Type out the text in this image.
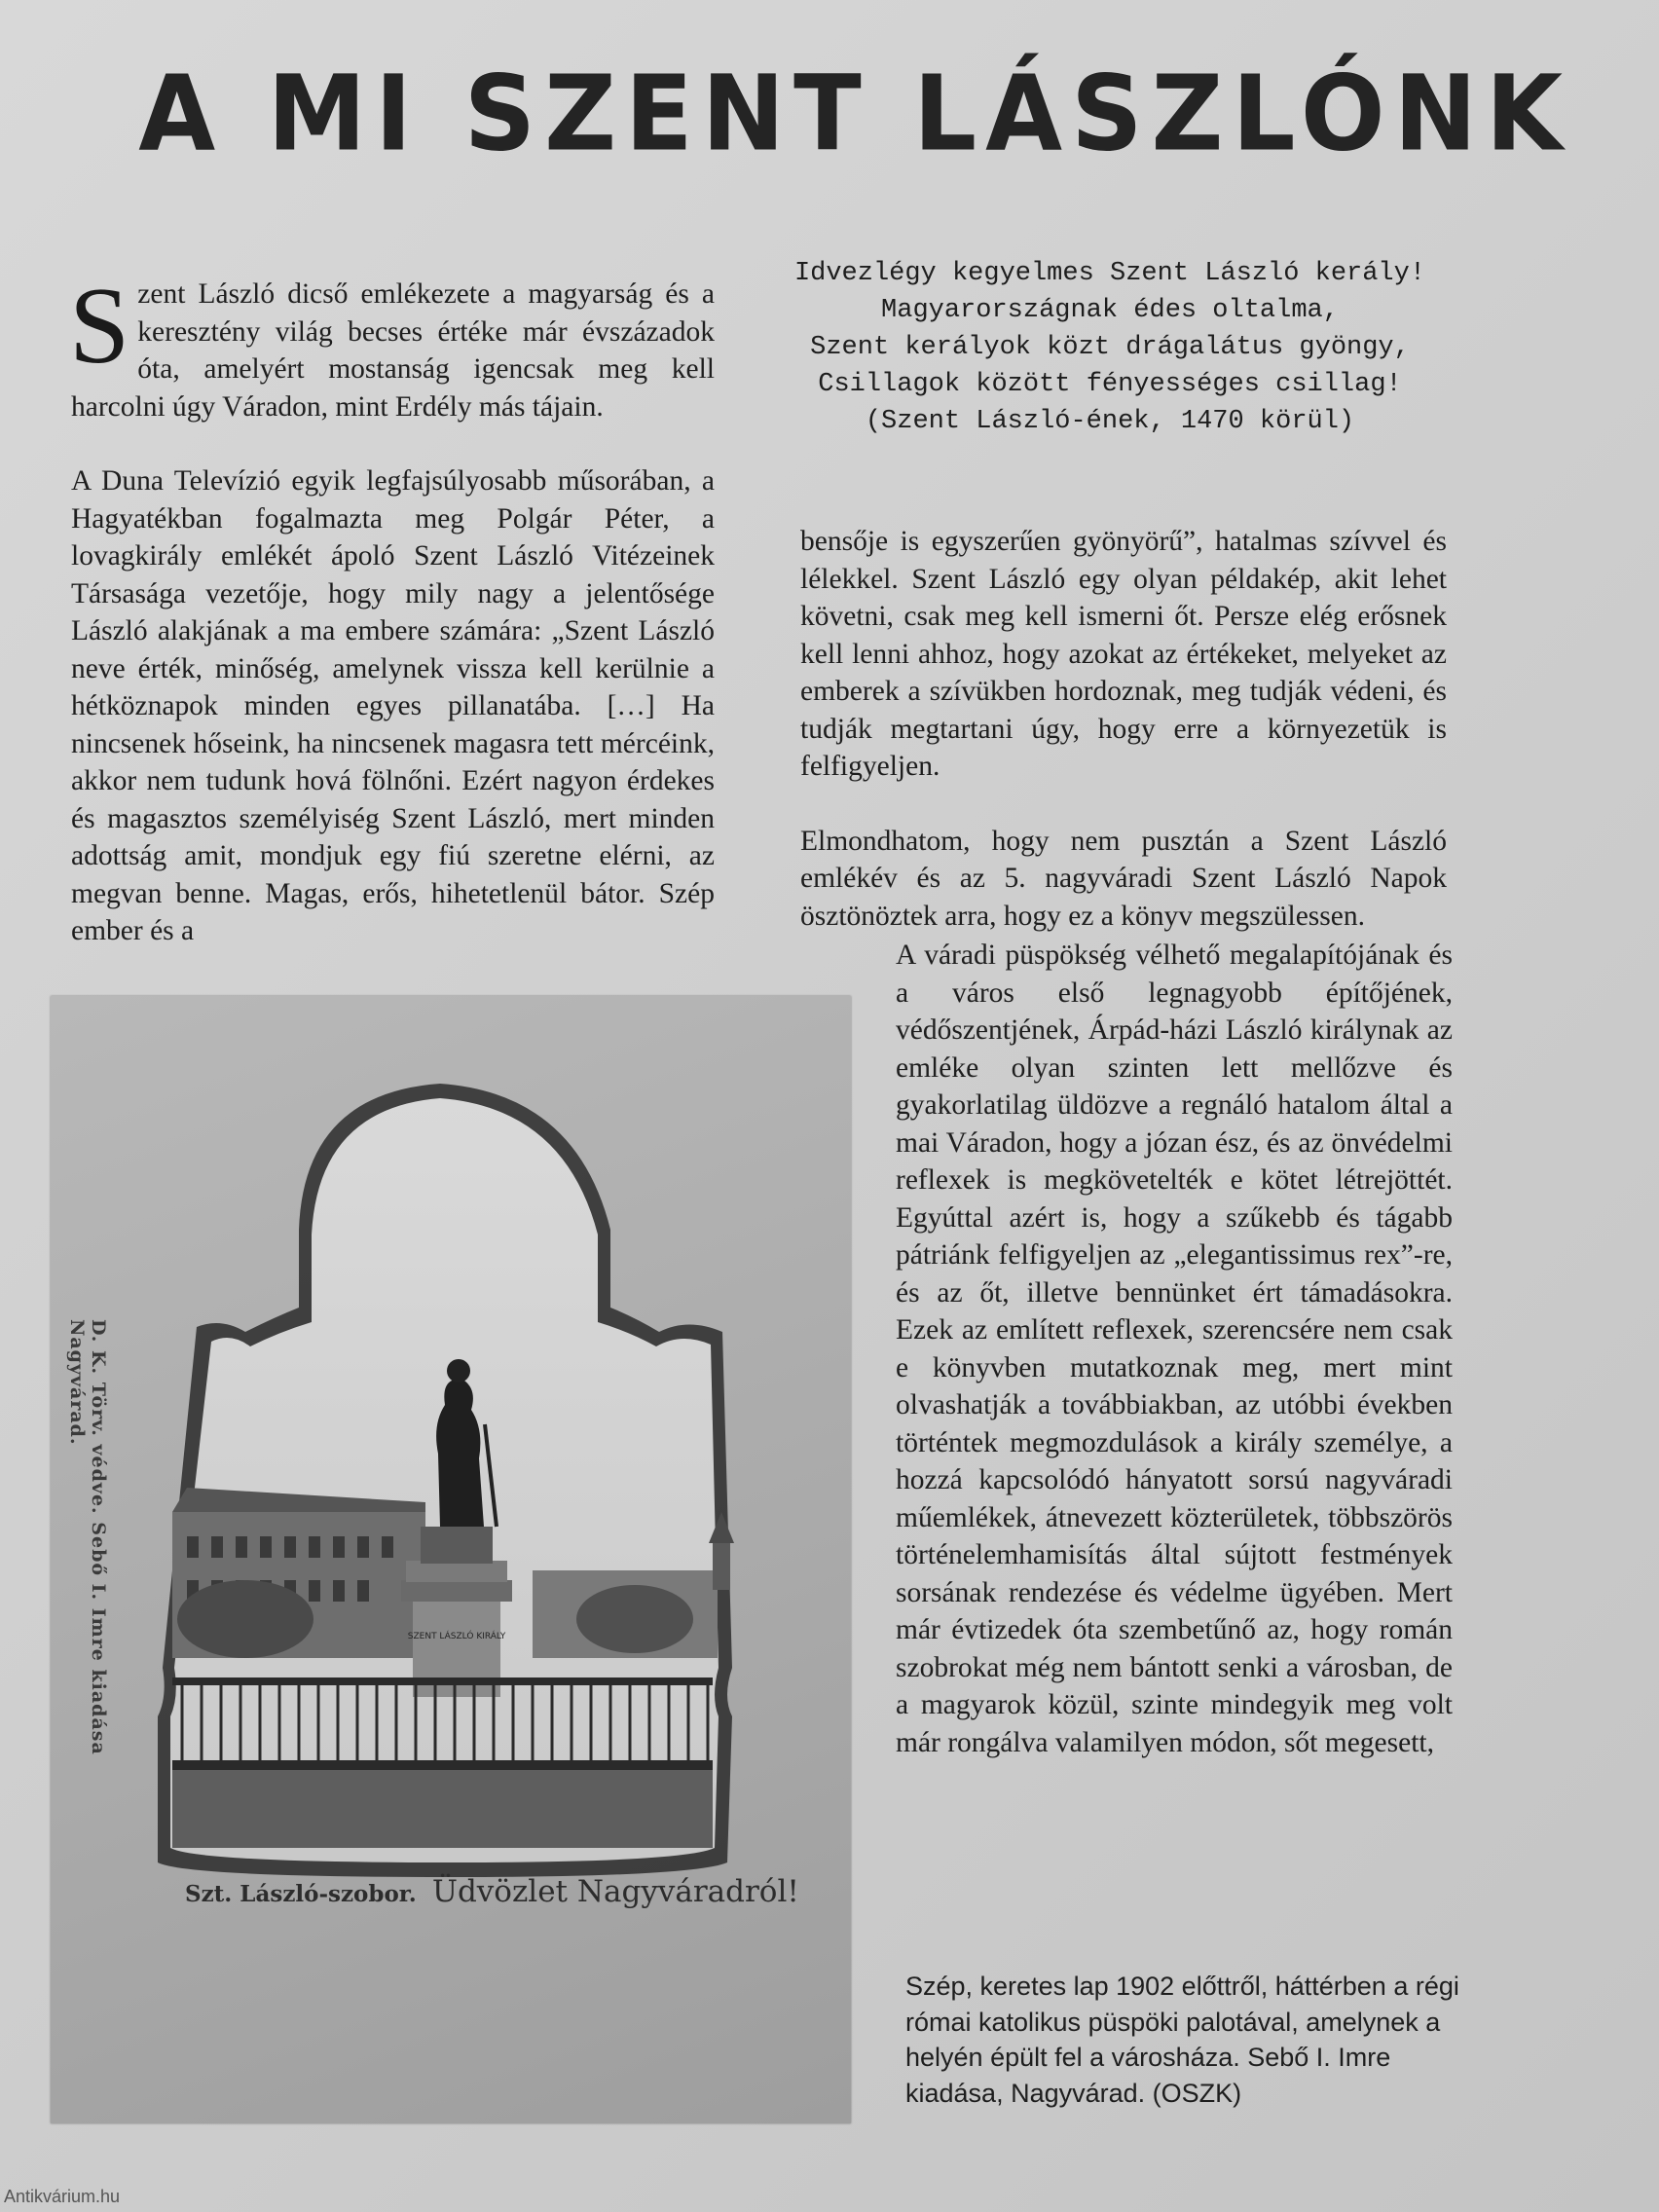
A MI SZENT LÁSZLÓNK

Szent László dicső emlékezete a magyarság és a keresztény világ becses értéke már évszázadok óta, amelyért mostanság igencsak meg kell harcolni úgy Váradon, mint Erdély más tájain.

A Duna Televízió egyik legfajsúlyosabb műsorában, a Hagyatékban fogalmazta meg Polgár Péter, a lovagkirály emlékét ápoló Szent László Vitézeinek Társasága vezetője, hogy mily nagy a jelentősége László alakjának a ma embere számára: „Szent László neve érték, minőség, amelynek vissza kell kerülnie a hétköznapok minden egyes pillanatába. […] Ha nincsenek hőseink, ha nincsenek magasra tett mércéink, akkor nem tudunk hová fölnőni. Ezért nagyon érdekes és magasztos személyiség Szent László, mert minden adottság amit, mondjuk egy fiú szeretne elérni, az megvan benne. Magas, erős, hihetetlenül bátor. Szép ember és a

Idvezlégy kegyelmes Szent László kerály!
Magyarországnak édes oltalma,
Szent kerályok közt drágalátus gyöngy,
Csillagok között fényességes csillag!
(Szent László-ének, 1470 körül)

bensője is egyszerűen gyönyörű”, hatalmas szívvel és lélekkel. Szent László egy olyan példakép, akit lehet követni, csak meg kell ismerni őt. Persze elég erősnek kell lenni ahhoz, hogy azokat az értékeket, melyeket az emberek a szívükben hordoznak, meg tudják védeni, és tudják megtartani úgy, hogy erre a környezetük is felfigyeljen.

Elmondhatom, hogy nem pusztán a Szent László emlékév és az 5. nagyváradi Szent László Napok ösztönöztek arra, hogy ez a könyv megszülessen.

A váradi püspökség vélhető megalapítójának és a város első legnagyobb építőjének, védőszentjének, Árpád-házi László királynak az emléke olyan szinten lett mellőzve és gyakorlatilag üldözve a regnáló hatalom által a mai Váradon, hogy a józan ész, és az önvédelmi reflexek is megkövetelték e kötet létrejöttét. Egyúttal azért is, hogy a szűkebb és tágabb pátriánk felfigyeljen az „elegantissimus rex”-re, és az őt, illetve bennünket ért támadásokra. Ezek az említett reflexek, szerencsére nem csak e könyvben mutatkoznak meg, mert mint olvashatják a továbbiakban, az utóbbi években történtek megmozdulások a király személye, a hozzá kapcsolódó hányatott sorsú nagyváradi műemlékek, átnevezett közterületek, többszörös történelemhamisítás által sújtott festmények sorsának rendezése és védelme ügyében. Mert már évtizedek óta szembetűnő az, hogy román szobrokat még nem bántott senki a városban, de a magyarok közül, szinte mindegyik meg volt már rongálva valamilyen módon, sőt megesett,

SZENT LÁSZLÓ KIRÁLY
D. K. Törv. védve. Sebő I. Imre kiadása Nagyvárad.
Szt. László-szobor. Üdvözlet Nagyváradról!
Szép, keretes lap 1902 előttről, háttérben a régi római katolikus püspöki palotával, amelynek a helyén épült fel a városháza. Sebő I. Imre kiadása, Nagyvárad. (OSZK)
Antikvárium.hu
